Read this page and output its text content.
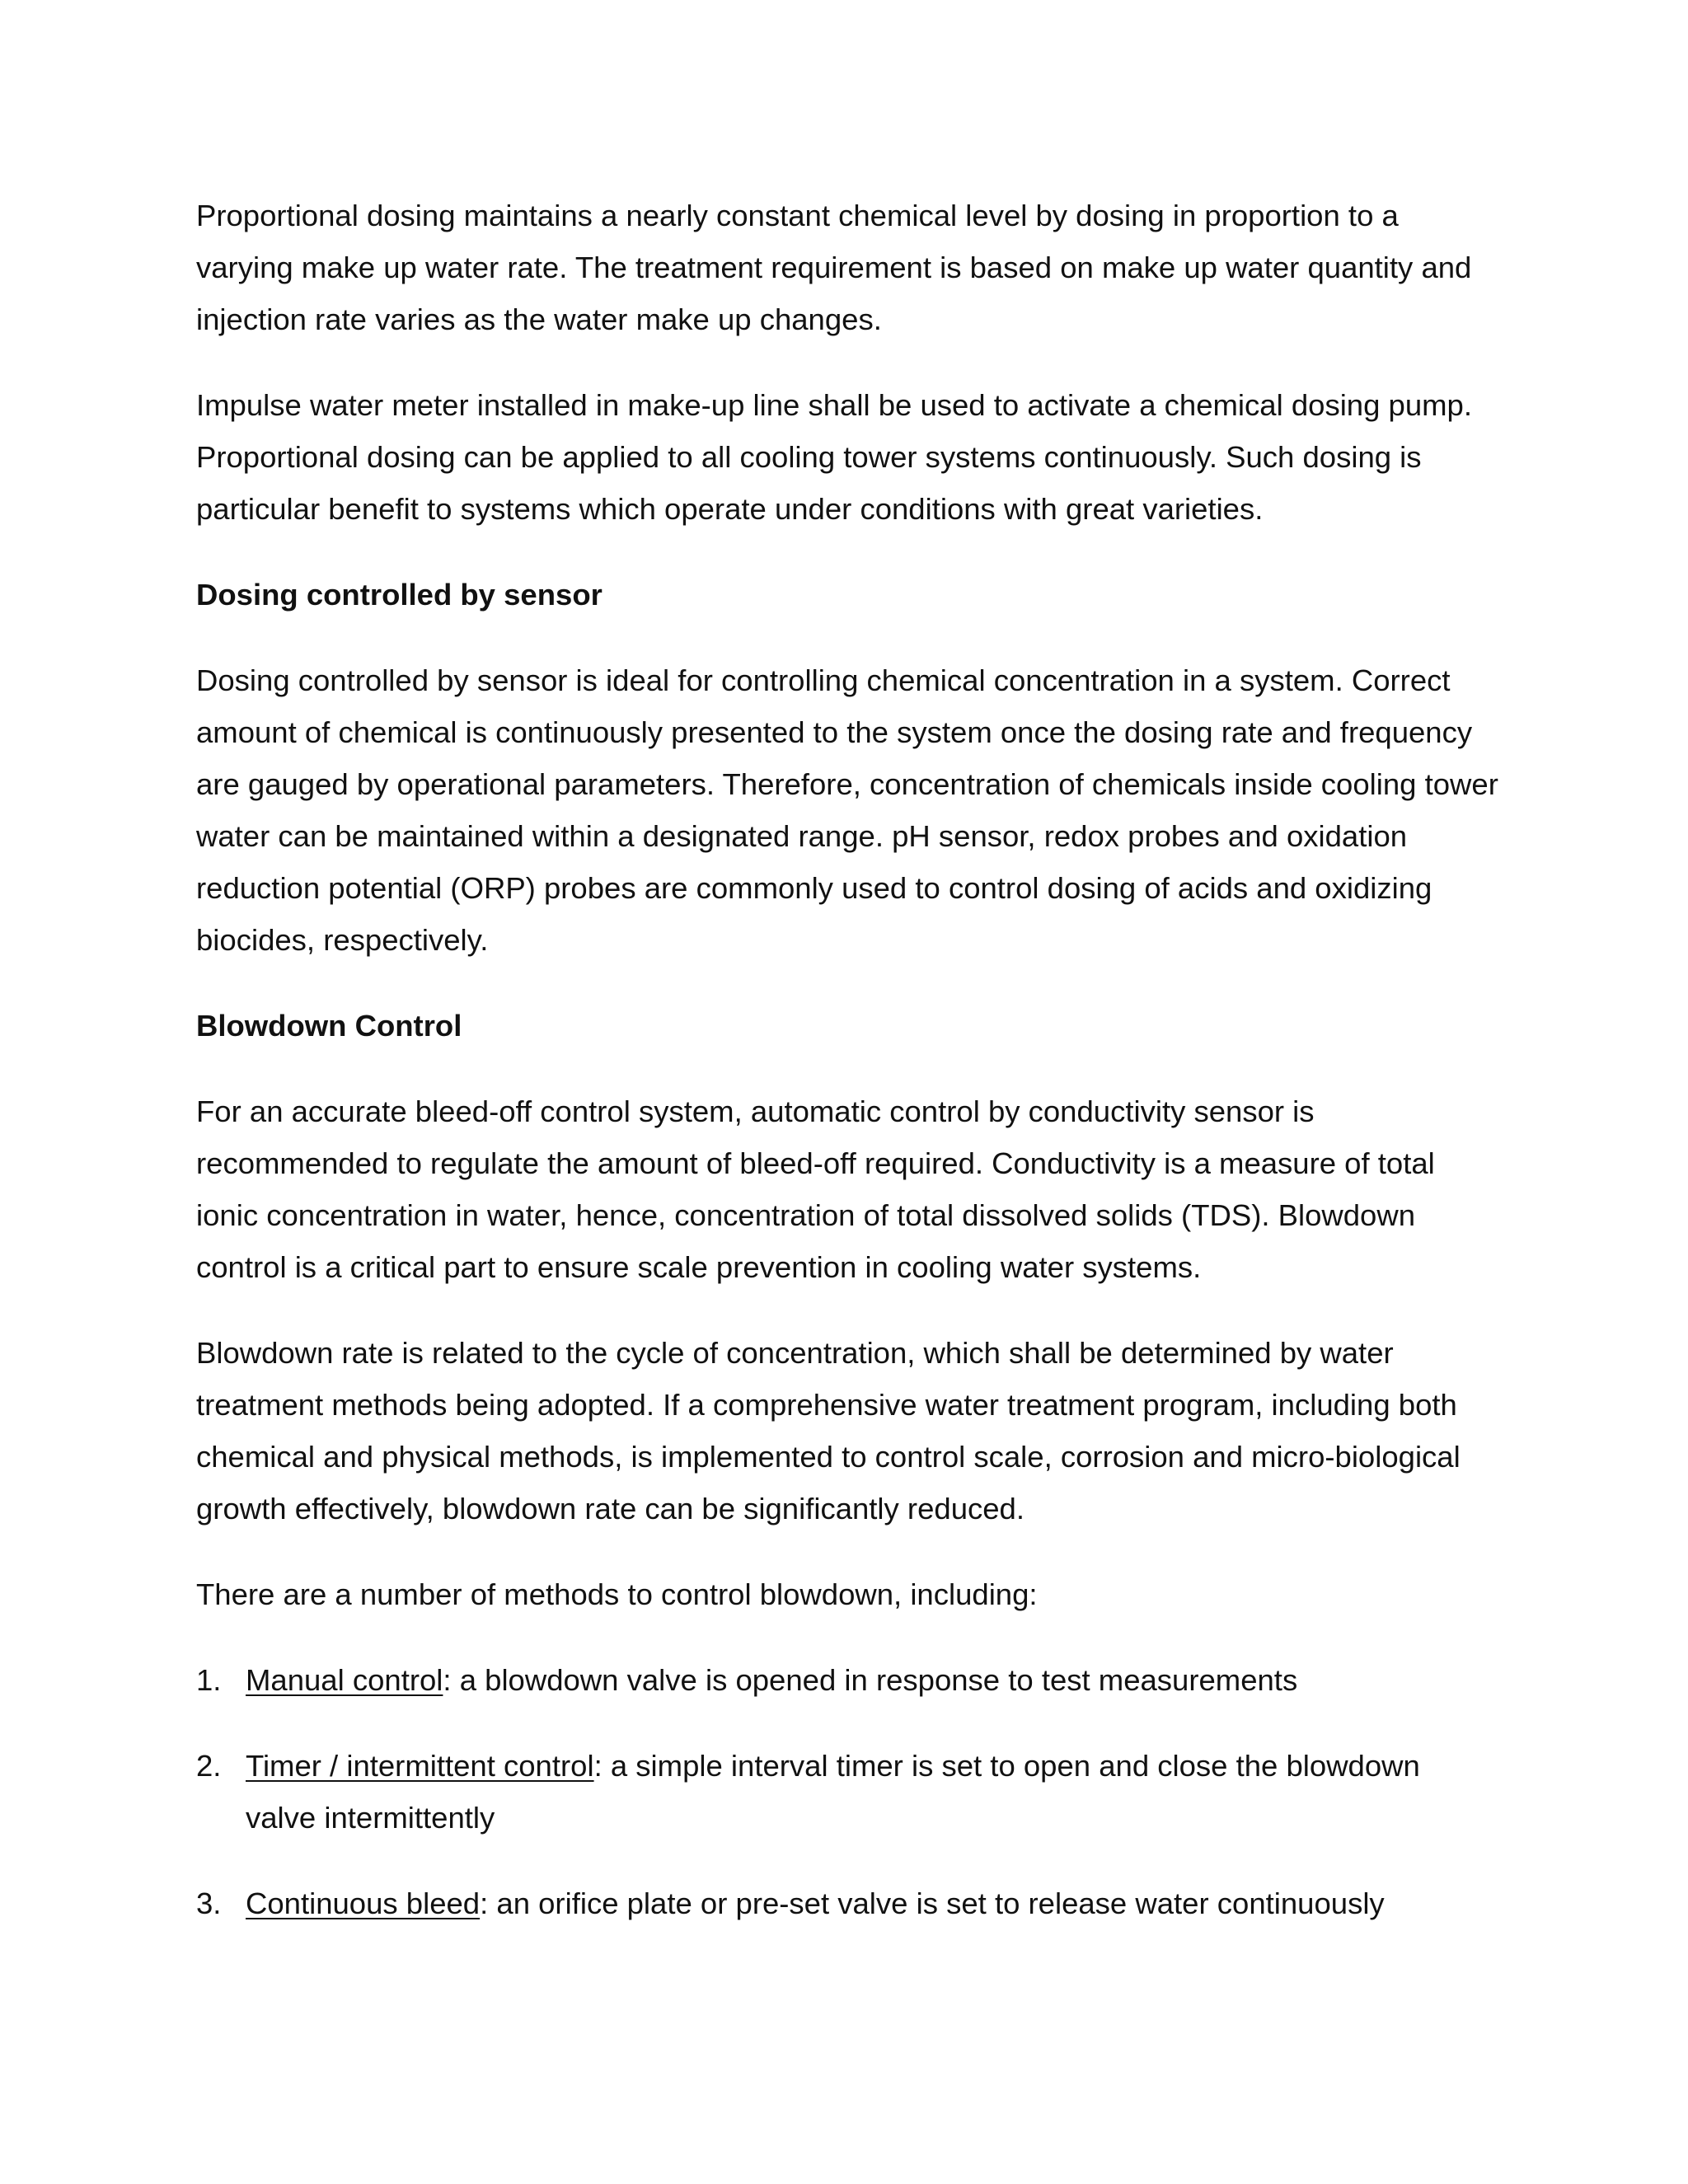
Proportional dosing maintains a nearly constant chemical level by dosing in proportion to a varying make up water rate. The treatment requirement is based on make up water quantity and injection rate varies as the water make up changes.

Impulse water meter installed in make-up line shall be used to activate a chemical dosing pump. Proportional dosing can be applied to all cooling tower systems continuously. Such dosing is particular benefit to systems which operate under conditions with great varieties.

Dosing controlled by sensor

Dosing controlled by sensor is ideal for controlling chemical concentration in a system. Correct amount of chemical is continuously presented to the system once the dosing rate and frequency are gauged by operational parameters. Therefore, concentration of chemicals inside cooling tower water can be maintained within a designated range. pH sensor, redox probes and oxidation reduction potential (ORP) probes are commonly used to control dosing of acids and oxidizing biocides, respectively.

Blowdown Control

For an accurate bleed-off control system, automatic control by conductivity sensor is recommended to regulate the amount of bleed-off required. Conductivity is a measure of total ionic concentration in water, hence, concentration of total dissolved solids (TDS). Blowdown control is a critical part to ensure scale prevention in cooling water systems.

Blowdown rate is related to the cycle of concentration, which shall be determined by water treatment methods being adopted. If a comprehensive water treatment program, including both chemical and physical methods, is implemented to control scale, corrosion and micro-biological growth effectively, blowdown rate can be significantly reduced.

There are a number of methods to control blowdown, including:

1. Manual control: a blowdown valve is opened in response to test measurements
2. Timer / intermittent control: a simple interval timer is set to open and close the blowdown valve intermittently
3. Continuous bleed: an orifice plate or pre-set valve is set to release water continuously
